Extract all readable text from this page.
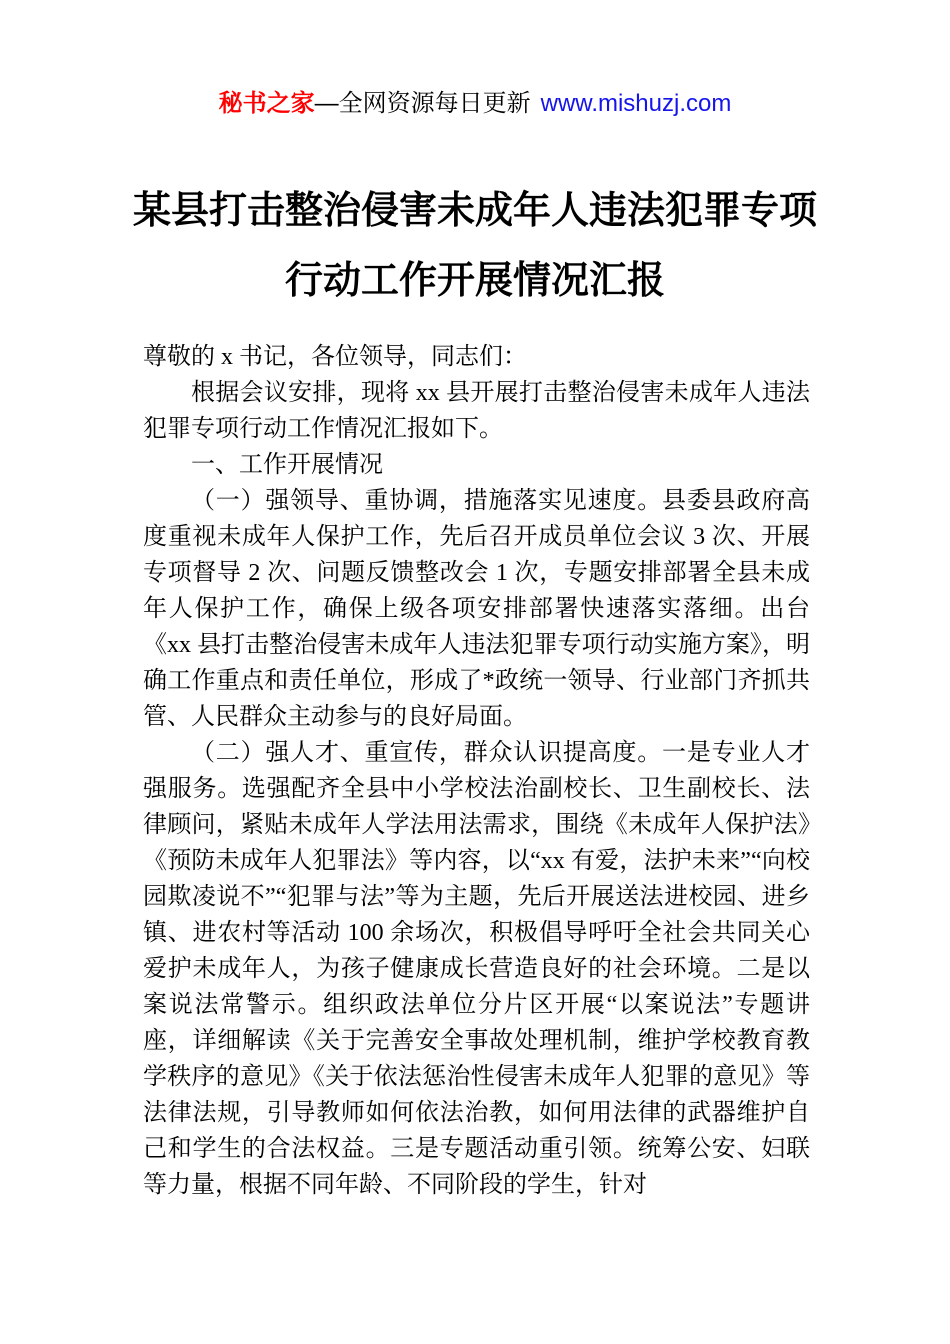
秘书之家—全网资源每日更新 www.mishuzj.com
某县打击整治侵害未成年人违法犯罪专项
行动工作开展情况汇报

尊敬的 x 书记，各位领导，同志们：

根据会议安排，现将 xx 县开展打击整治侵害未成年人违法犯罪专项行动工作情况汇报如下。

一、工作开展情况

（一）强领导、重协调，措施落实见速度。县委县政府高度重视未成年人保护工作，先后召开成员单位会议 3 次、开展专项督导 2 次、问题反馈整改会 1 次，专题安排部署全县未成年人保护工作，确保上级各项安排部署快速落实落细。出台《xx 县打击整治侵害未成年人违法犯罪专项行动实施方案》，明确工作重点和责任单位，形成了*政统一领导、行业部门齐抓共管、人民群众主动参与的良好局面。

（二）强人才、重宣传，群众认识提高度。一是专业人才强服务。选强配齐全县中小学校法治副校长、卫生副校长、法律顾问，紧贴未成年人学法用法需求，围绕《未成年人保护法》《预防未成年人犯罪法》等内容，以“xx 有爱，法护未来”“向校园欺凌说不”“犯罪与法”等为主题，先后开展送法进校园、进乡镇、进农村等活动 100 余场次，积极倡导呼吁全社会共同关心爱护未成年人，为孩子健康成长营造良好的社会环境。二是以案说法常警示。组织政法单位分片区开展“以案说法”专题讲座，详细解读《关于完善安全事故处理机制，维护学校教育教学秩序的意见》《关于依法惩治性侵害未成年人犯罪的意见》等法律法规，引导教师如何依法治教，如何用法律的武器维护自己和学生的合法权益。三是专题活动重引领。统筹公安、妇联等力量，根据不同年龄、不同阶段的学生，针对
